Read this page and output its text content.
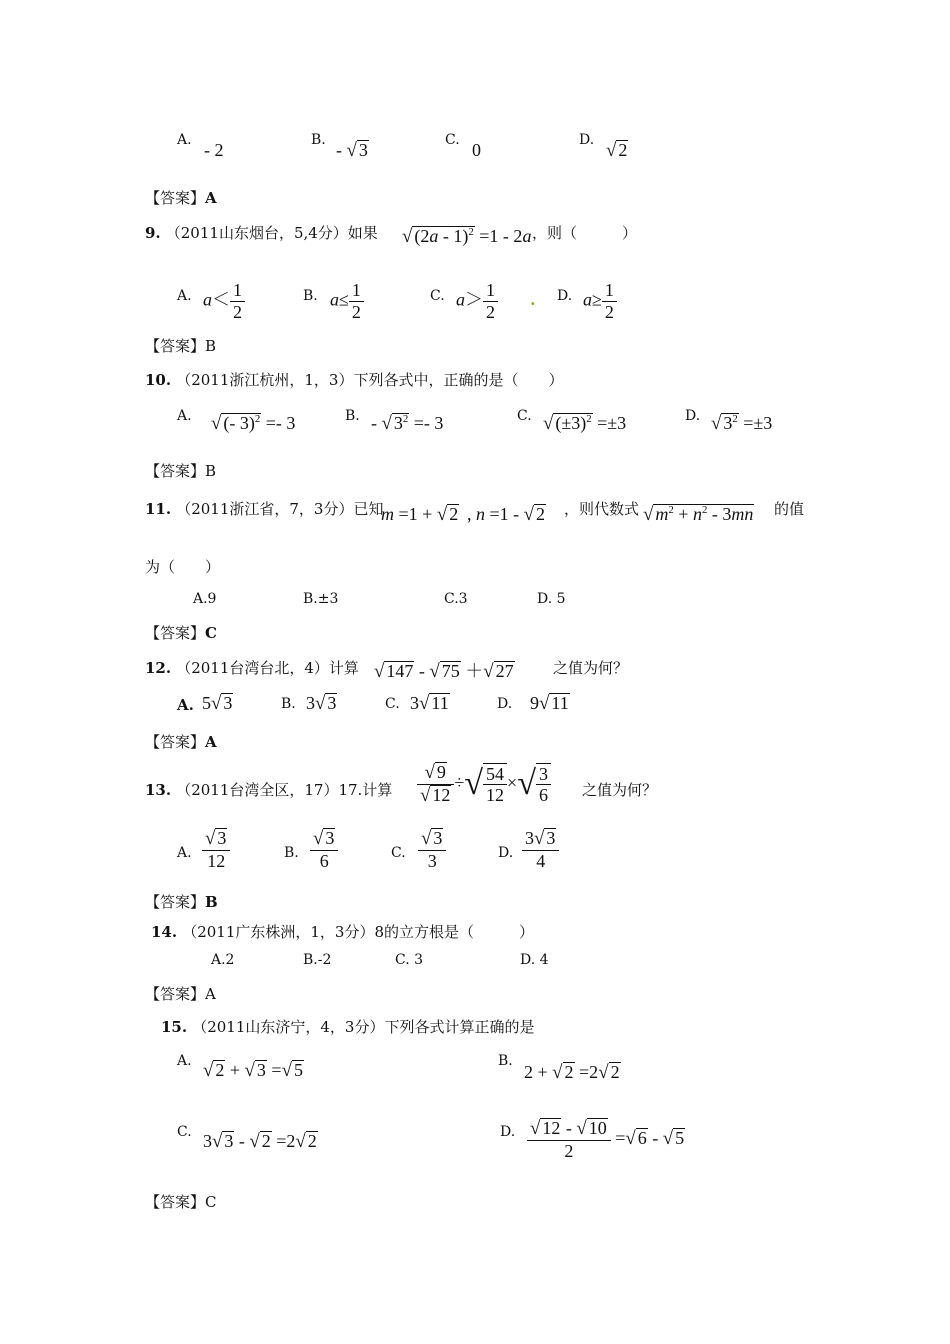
A. - 2	B. - √ 3	C. 0	D. √ 2
【答案】A
9. （2011山东烟台，5,4分）如果 √ (2a - 1)$^2$ =1 - 2a ，则（　　　）
A. $a< \frac{1}{2}$	B. $a\le \frac{1}{2}$	C. $a> \frac{1}{2}$ . D. $a\ge \frac{1}{2}$
【答案】B
10. （2011浙江杭州，1，3）下列各式中，正确的是（　　）
A. √ (- 3)$^2$ =- 3	B. - √ $3^2 =- 3$	C. √ $(\pm 3)^2 =\pm 3$	D. √ $3^2 =\pm 3$
【答案】B
11. （2011浙江省，7，3分）已知
m =1 + √ 2 , n =1 - √ 2 ，则代数式 √ $m^2 + n^2 - 3mn$ 的值
为（　　）
A.9	B.±3	C.3	D. 5
【答案】C
12. （2011台湾台北，4）计算 √ 147 - √ 75 ＋√ 27	之值为何？
A. 5√ 3	B. 3√ 3	C. 3√ 11	D. 9√ 11
【答案】A
13. （2011台湾全区，17）17.计算 $\frac{√ 9}{√ 12}$ ÷√ $\frac{54}{12}$ ×√ $\frac{3}{6}$ 之值为何？
A. $\frac{√ 3}{12}$	B. $\frac{√ 3}{6}$	C. $\frac{√ 3}{3}$	D. $\frac{3√ 3}{4}$
【答案】B
14. （2011广东株洲，1，3分）8的立方根是（　　　）
A.2	B.-2	C. 3	D. 4
【答案】A
15. （2011山东济宁，4，3分）下列各式计算正确的是
A. √ 2 + √ 3 =√ 5	B.
2 + √ 2 =2√ 2
C. 3√ 3 - √ 2 =2√ 2	D. $\frac{√ 12 - √ 10}{2}$ =√ 6 - √ 5
【答案】C
